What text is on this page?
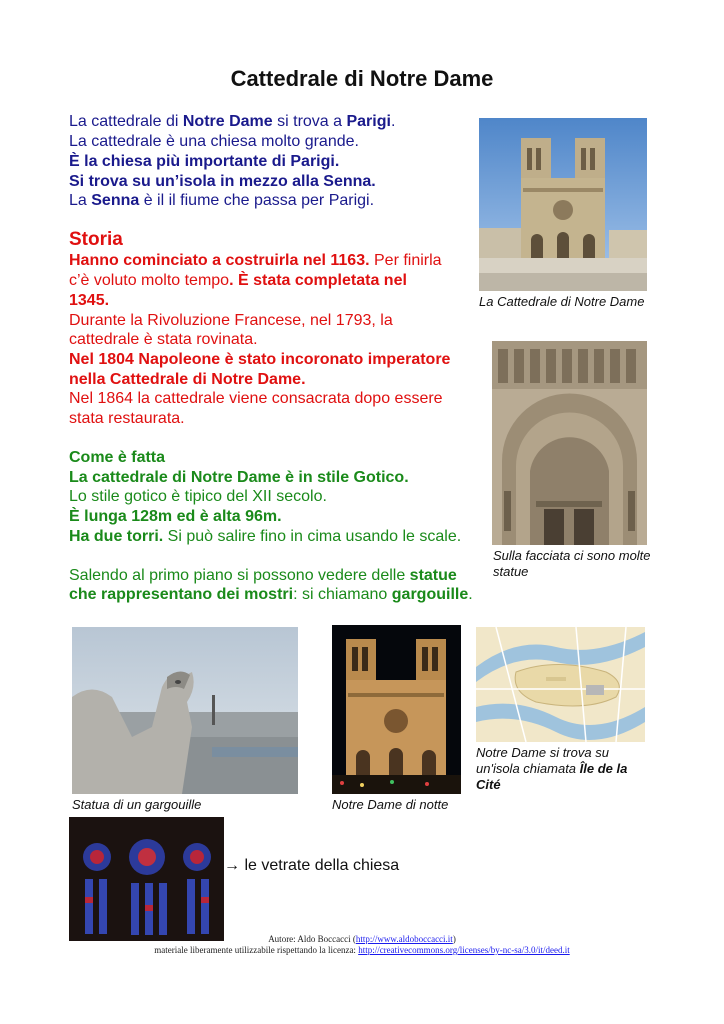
Cattedrale di Notre Dame
La cattedrale di Notre Dame si trova a Parigi.
La cattedrale è una chiesa molto grande.
È la chiesa più importante di Parigi.
Si trova su un’isola in mezzo alla Senna.
La Senna è il il fiume che passa per Parigi.
Storia
Hanno cominciato a costruirla nel 1163. Per finirla
c’è voluto molto tempo. È stata completata nel
1345.
Durante la Rivoluzione Francese, nel 1793, la
cattedrale è stata rovinata.
Nel 1804 Napoleone è stato incoronato imperatore
nella Cattedrale di Notre Dame.
Nel 1864 la cattedrale viene consacrata dopo essere
stata restaurata.
Come è fatta
La cattedrale di Notre Dame è in stile Gotico.
Lo stile gotico è tipico del XII secolo.
È lunga 128m ed è alta 96m.
Ha due torri. Si può salire fino in cima usando le scale.
Salendo al primo piano si possono vedere delle statue
che rappresentano dei mostri: si chiamano gargouille.
La Cattedrale di Notre Dame
Sulla facciata ci sono molte statue
Statua di un gargouille	Notre Dame di notte
Notre Dame si trova su un'isola chiamata Île de la Cité
→ le vetrate della chiesa
Autore: Aldo Boccacci (http://www.aldoboccacci.it)
materiale liberamente utilizzabile rispettando la licenza: http://creativecommons.org/licenses/by-nc-sa/3.0/it/deed.it
